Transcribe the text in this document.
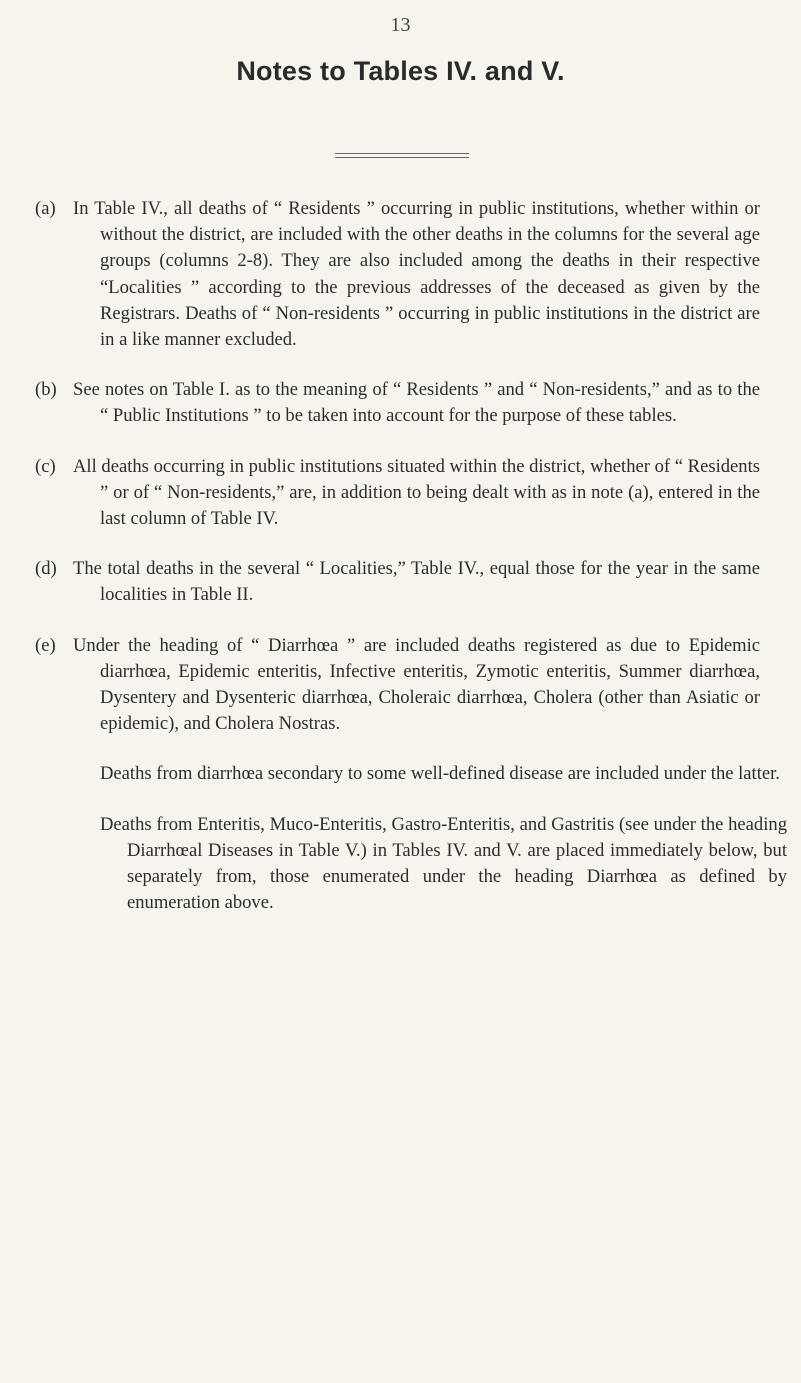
13
Notes to Tables IV. and V.
(a) In Table IV., all deaths of “ Residents ” occurring in public institutions, whether within or without the district, are included with the other deaths in the columns for the several age groups (columns 2-8). They are also included among the deaths in their respective “Localities ” according to the previous addresses of the deceased as given by the Registrars. Deaths of “ Non-residents ” occurring in public institutions in the district are in a like manner excluded.
(b) See notes on Table I. as to the meaning of “ Residents ” and “ Non-residents,” and as to the “ Public Institutions ” to be taken into account for the purpose of these tables.
(c) All deaths occurring in public institutions situated within the district, whether of “ Residents ” or of “ Non-residents,” are, in addition to being dealt with as in note (a), entered in the last column of Table IV.
(d) The total deaths in the several “ Localities,” Table IV., equal those for the year in the same localities in Table II.
(e) Under the heading of “ Diarrhœa ” are included deaths registered as due to Epidemic diarrhœa, Epidemic enteritis, Infective enteritis, Zymotic enteritis, Summer diarrhœa, Dysentery and Dysenteric diarrhœa, Choleraic diarrhœa, Cholera (other than Asiatic or epidemic), and Cholera Nostras.
Deaths from diarrhœa secondary to some well-defined disease are included under the latter.
Deaths from Enteritis, Muco-Enteritis, Gastro-Enteritis, and Gastritis (see under the heading Diarrhœal Diseases in Table V.) in Tables IV. and V. are placed immediately below, but separately from, those enumerated under the heading Diarrhœa as defined by enumeration above.
